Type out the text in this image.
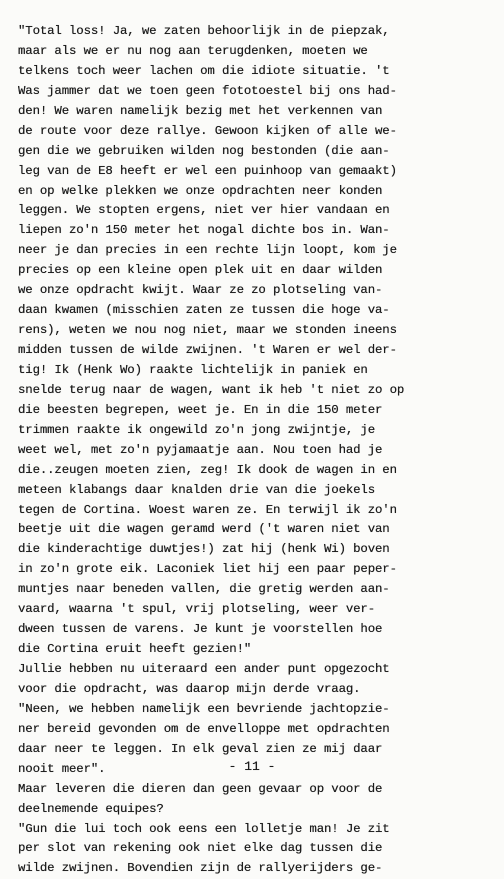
"Total loss! Ja, we zaten behoorlijk in de piepzak,
maar als we er nu nog aan terugdenken, moeten we
telkens toch weer lachen om die idiote situatie. 't
Was jammer dat we toen geen fototoestel bij ons had-
den! We waren namelijk bezig met het verkennen van
de route voor deze rallye. Gewoon kijken of alle we-
gen die we gebruiken wilden nog bestonden (die aan-
leg van de E8 heeft er wel een puinhoop van gemaakt)
en op welke plekken we onze opdrachten neer konden
leggen. We stopten ergens, niet ver hier vandaan en
liepen zo'n 150 meter het nogal dichte bos in. Wan-
neer je dan precies in een rechte lijn loopt, kom je
precies op een kleine open plek uit en daar wilden
we onze opdracht kwijt. Waar ze zo plotseling van-
daan kwamen (misschien zaten ze tussen die hoge va-
rens), weten we nou nog niet, maar we stonden ineens
midden tussen de wilde zwijnen. 't Waren er wel der-
tig! Ik (Henk Wo) raakte lichtelijk in paniek en
snelde terug naar de wagen, want ik heb 't niet zo op
die beesten begrepen, weet je. En in die 150 meter
trimmen raakte ik ongewild zo'n jong zwijntje, je
weet wel, met zo'n pyjamaatje aan. Nou toen had je
die..zeugen moeten zien, zeg! Ik dook de wagen in en
meteen klabangs daar knalden drie van die joekels
tegen de Cortina. Woest waren ze. En terwijl ik zo'n
beetje uit die wagen geramd werd ('t waren niet van
die kinderachtige duwtjes!) zat hij (henk Wi) boven
in zo'n grote eik. Laconiek liet hij een paar peper-
muntjes naar beneden vallen, die gretig werden aan-
vaard, waarna 't spul, vrij plotseling, weer ver-
dween tussen de varens. Je kunt je voorstellen hoe
die Cortina eruit heeft gezien!"
Jullie hebben nu uiteraard een ander punt opgezocht
voor die opdracht, was daarop mijn derde vraag.
"Neen, we hebben namelijk een bevriende jachtopzie-
ner bereid gevonden om de envelloppe met opdrachten
daar neer te leggen. In elk geval zien ze mij daar
nooit meer".
Maar leveren die dieren dan geen gevaar op voor de
deelnemende equipes?
"Gun die lui toch ook eens een lolletje man! Je zit
per slot van rekening ook niet elke dag tussen die
wilde zwijnen. Bovendien zijn de rallyerijders ge-
- 11 -
